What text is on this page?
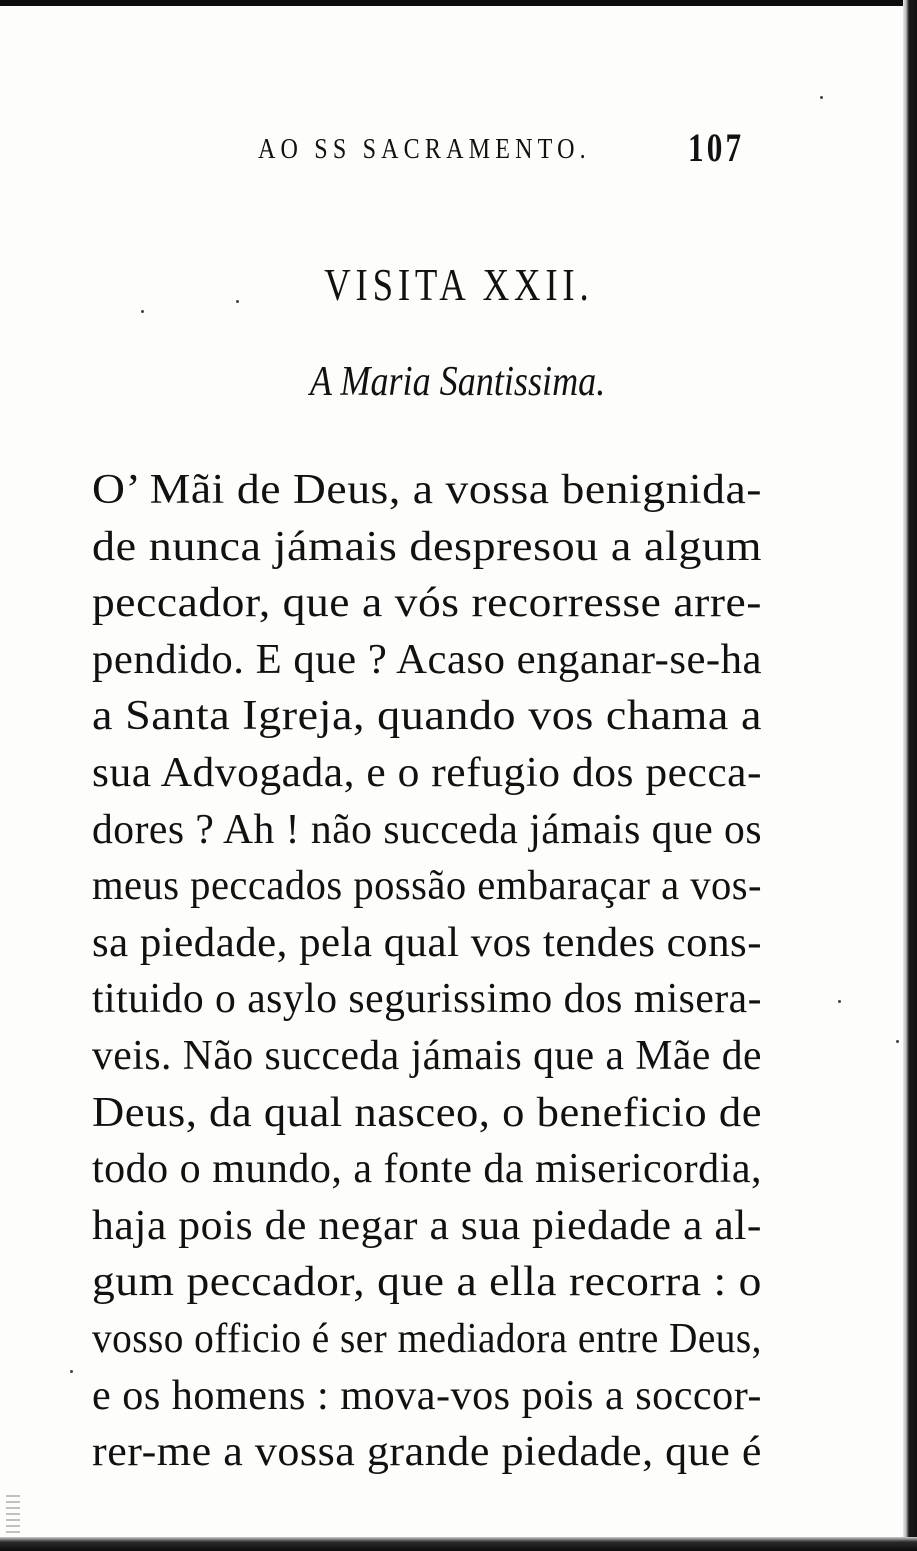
AO SS SACRAMENTO. 107
VISITA XXII.
A Maria Santissima.
O’ Mãi de Deus, a vossa benignida-
de nunca jámais despresou a algum
peccador, que a vós recorresse arre-
pendido. E que ? Acaso enganar-se-ha
a Santa Igreja, quando vos chama a
sua Advogada, e o refugio dos pecca-
dores ? Ah ! não succeda jámais que os
meus peccados possão embaraçar a vos-
sa piedade, pela qual vos tendes cons-
tituido o asylo segurissimo dos misera-
veis. Não succeda jámais que a Mãe de
Deus, da qual nasceo, o beneficio de
todo o mundo, a fonte da misericordia,
haja pois de negar a sua piedade a al-
gum peccador, que a ella recorra : o
vosso officio é ser mediadora entre Deus,
e os homens : mova-vos pois a soccor-
rer-me a vossa grande piedade, que é
